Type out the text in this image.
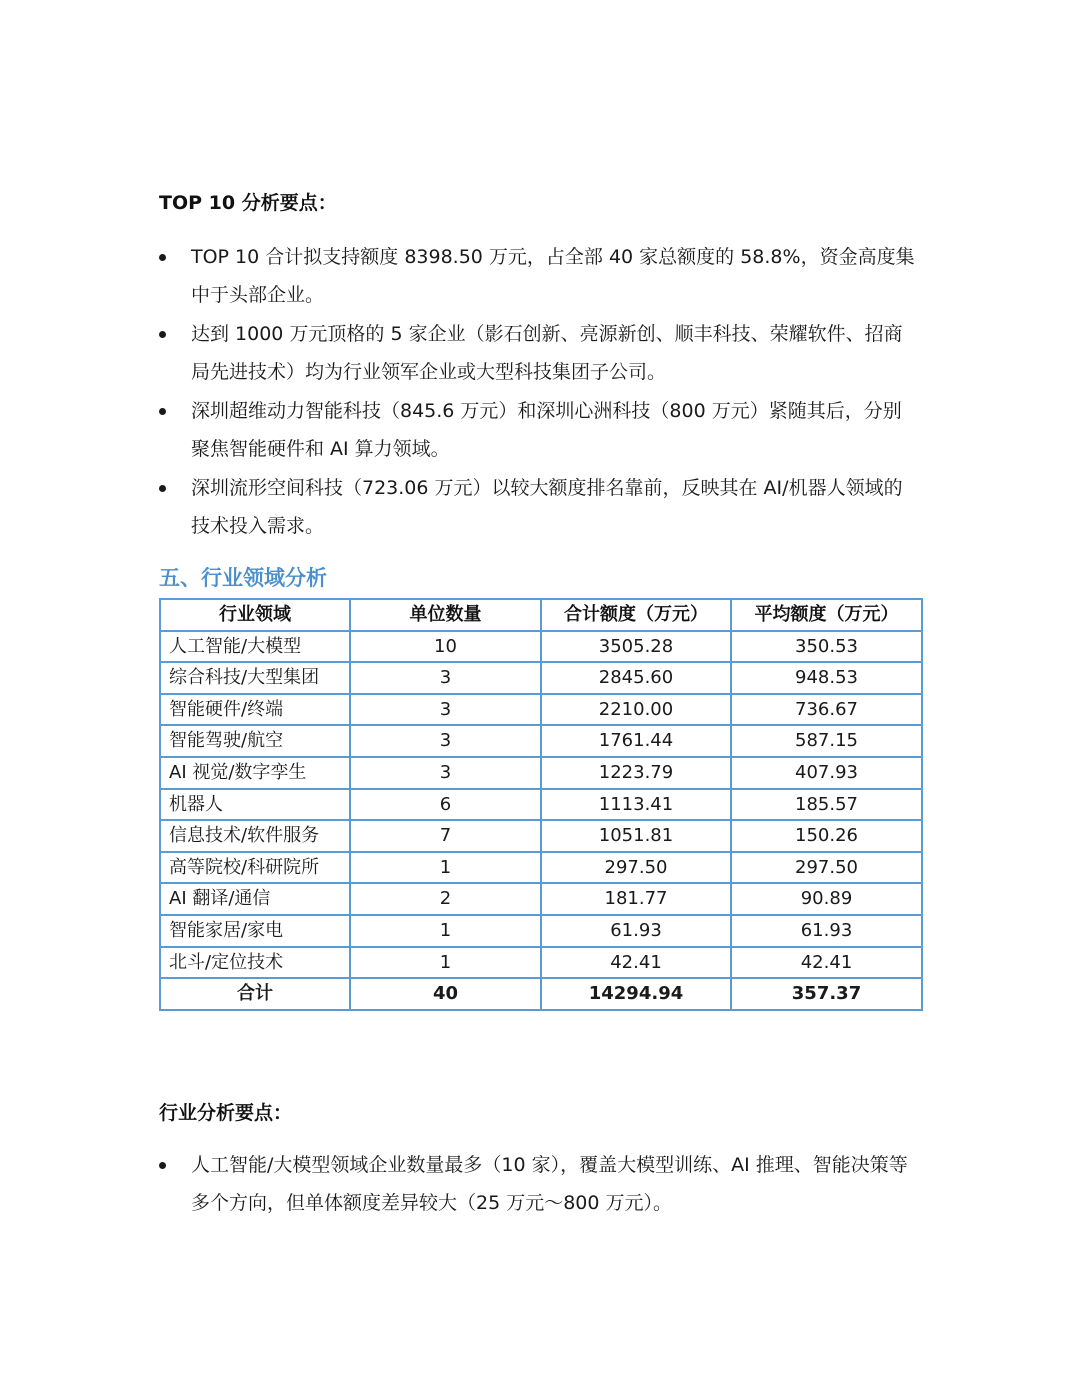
TOP 10 分析要点：
TOP 10 合计拟支持额度 8398.50 万元，占全部 40 家总额度的 58.8%，资金高度集中于头部企业。
达到 1000 万元顶格的 5 家企业（影石创新、亮源新创、顺丰科技、荣耀软件、招商局先进技术）均为行业领军企业或大型科技集团子公司。
深圳超维动力智能科技（845.6 万元）和深圳心洲科技（800 万元）紧随其后，分别聚焦智能硬件和 AI 算力领域。
深圳流形空间科技（723.06 万元）以较大额度排名靠前，反映其在 AI/机器人领域的技术投入需求。
五、行业领域分析
行业领域	单位数量	合计额度（万元）	平均额度（万元）
人工智能/大模型	10	3505.28	350.53
综合科技/大型集团	3	2845.60	948.53
智能硬件/终端	3	2210.00	736.67
智能驾驶/航空	3	1761.44	587.15
AI 视觉/数字孪生	3	1223.79	407.93
机器人	6	1113.41	185.57
信息技术/软件服务	7	1051.81	150.26
高等院校/科研院所	1	297.50	297.50
AI 翻译/通信	2	181.77	90.89
智能家居/家电	1	61.93	61.93
北斗/定位技术	1	42.41	42.41
合计	40	14294.94	357.37
行业分析要点：
人工智能/大模型领域企业数量最多（10 家），覆盖大模型训练、AI 推理、智能决策等多个方向，但单体额度差异较大（25 万元～800 万元）。
